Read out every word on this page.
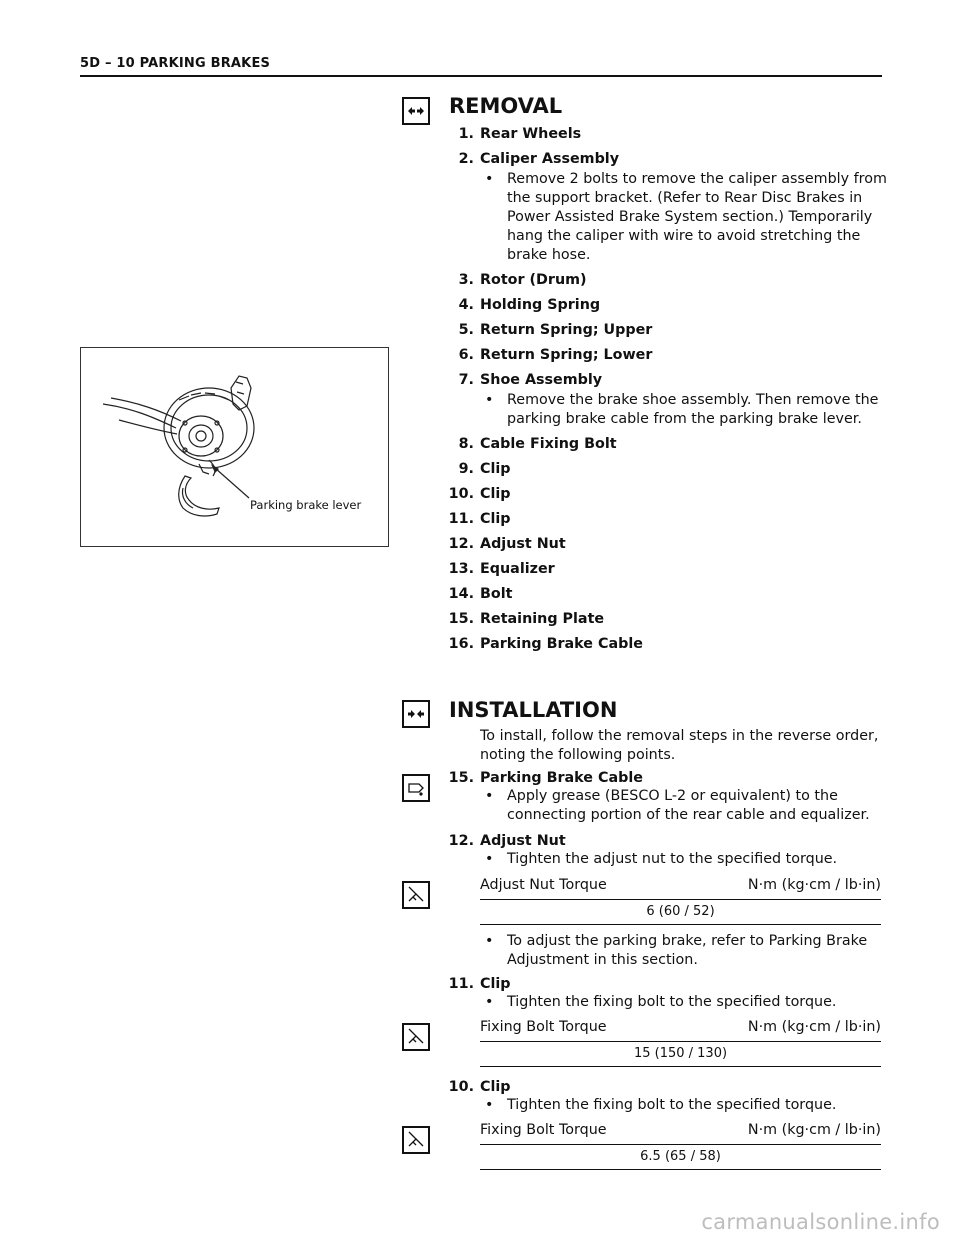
5D – 10 PARKING BRAKES
REMOVAL
1. Rear Wheels
2. Caliper Assembly
• Remove 2 bolts to remove the caliper assembly from the support bracket. (Refer to Rear Disc Brakes in Power Assisted Brake System section.) Temporarily hang the caliper with wire to avoid stretching the brake hose.
3. Rotor (Drum)
4. Holding Spring
5. Return Spring; Upper
6. Return Spring; Lower
7. Shoe Assembly
• Remove the brake shoe assembly. Then remove the parking brake cable from the parking brake lever.
8. Cable Fixing Bolt
9. Clip
10. Clip
11. Clip
12. Adjust Nut
13. Equalizer
14. Bolt
15. Retaining Plate
16. Parking Brake Cable
Parking brake lever
INSTALLATION
To install, follow the removal steps in the reverse order, noting the following points.
15. Parking Brake Cable
• Apply grease (BESCO L-2 or equivalent) to the connecting portion of the rear cable and equalizer.
12. Adjust Nut
• Tighten the adjust nut to the specified torque.
Adjust Nut Torque	N·m (kg·cm / lb·in)
6 (60 / 52)
• To adjust the parking brake, refer to Parking Brake Adjustment in this section.
11. Clip
• Tighten the fixing bolt to the specified torque.
Fixing Bolt Torque	N·m (kg·cm / lb·in)
15 (150 / 130)
10. Clip
• Tighten the fixing bolt to the specified torque.
Fixing Bolt Torque	N·m (kg·cm / lb·in)
6.5 (65 / 58)
carmanualsonline.info
